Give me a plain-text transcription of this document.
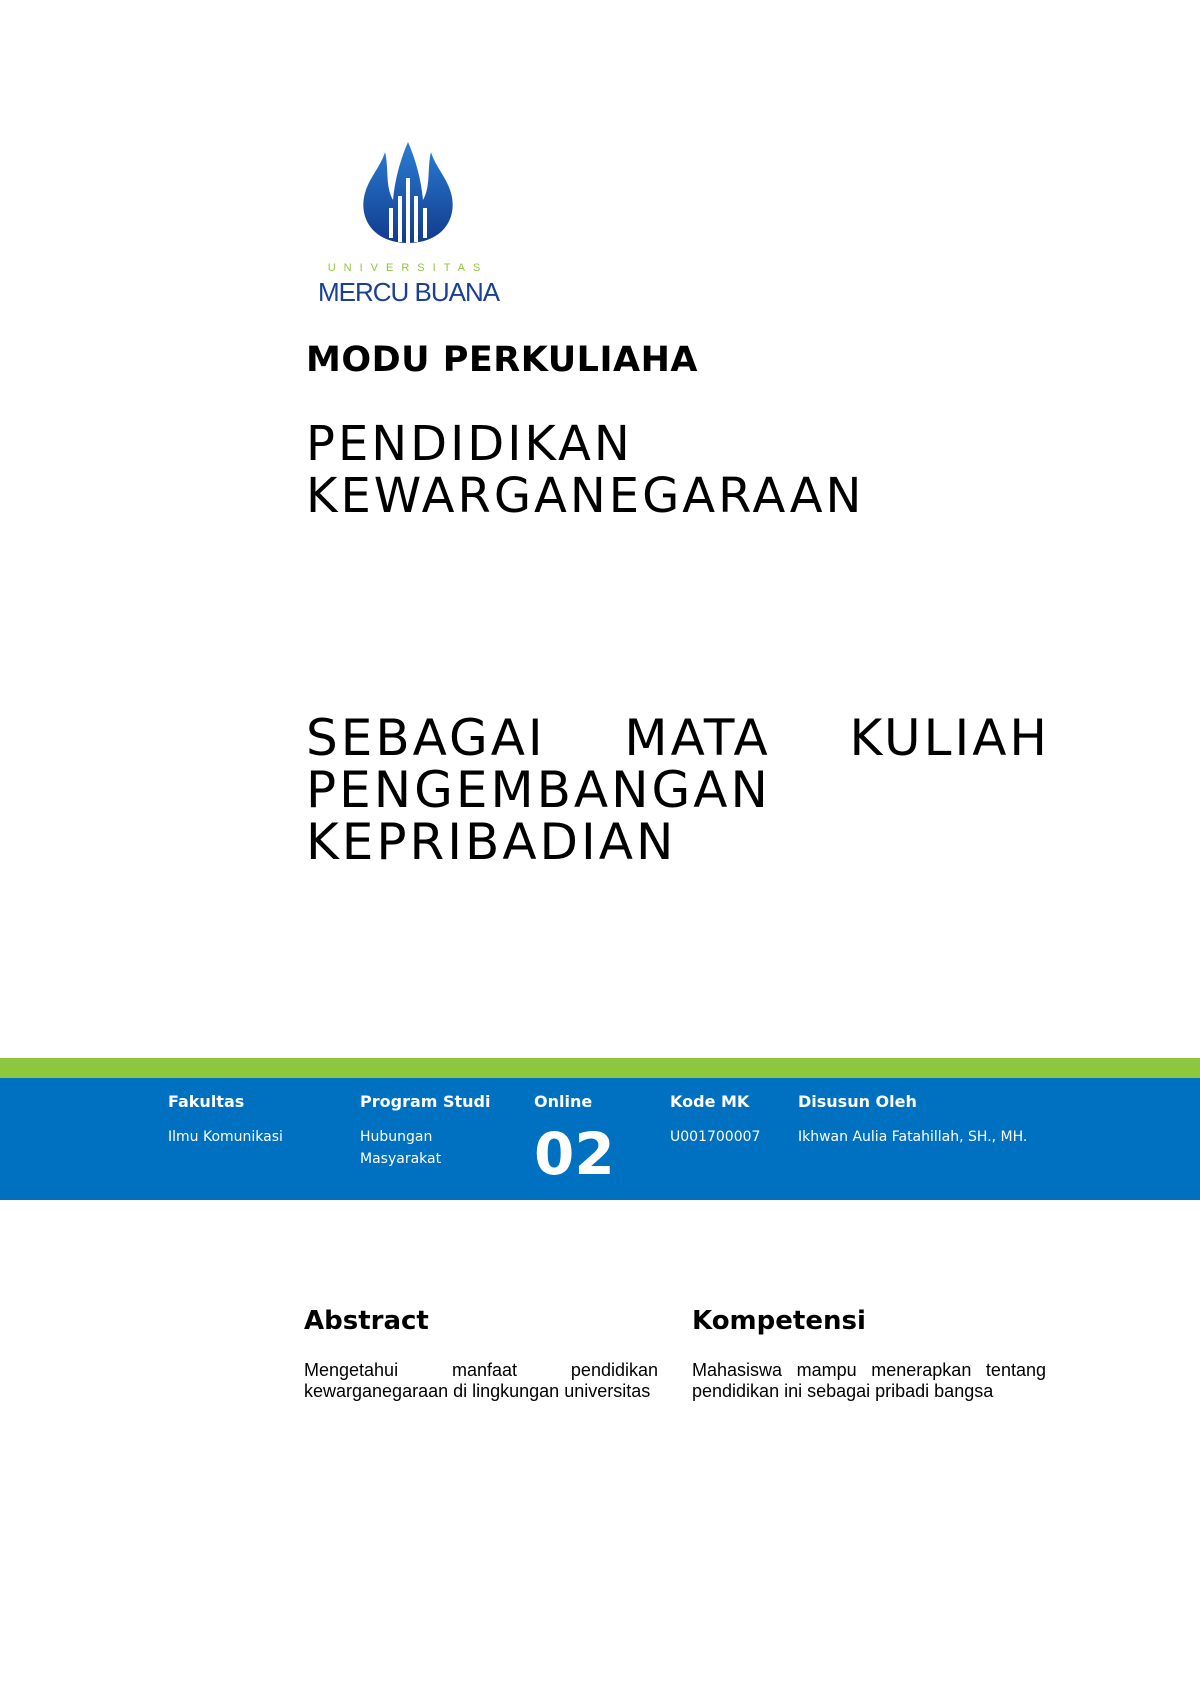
UNIVERSITAS
MERCU BUANA
MODU PERKULIAHA
PENDIDIKAN KEWARGANEGARAAN
SEBAGAI MATA KULIAH PENGEMBANGAN KEPRIBADIAN
Fakultas
Ilmu Komunikasi
Program Studi
Hubungan
Masyarakat
Online
02
Kode MK
U001700007
Disusun Oleh
Ikhwan Aulia Fatahillah, SH., MH.
Abstract

Mengetahui manfaat pendidikan kewarganegaraan di lingkungan universitas

Kompetensi

Mahasiswa mampu menerapkan tentang pendidikan ini sebagai pribadi bangsa
